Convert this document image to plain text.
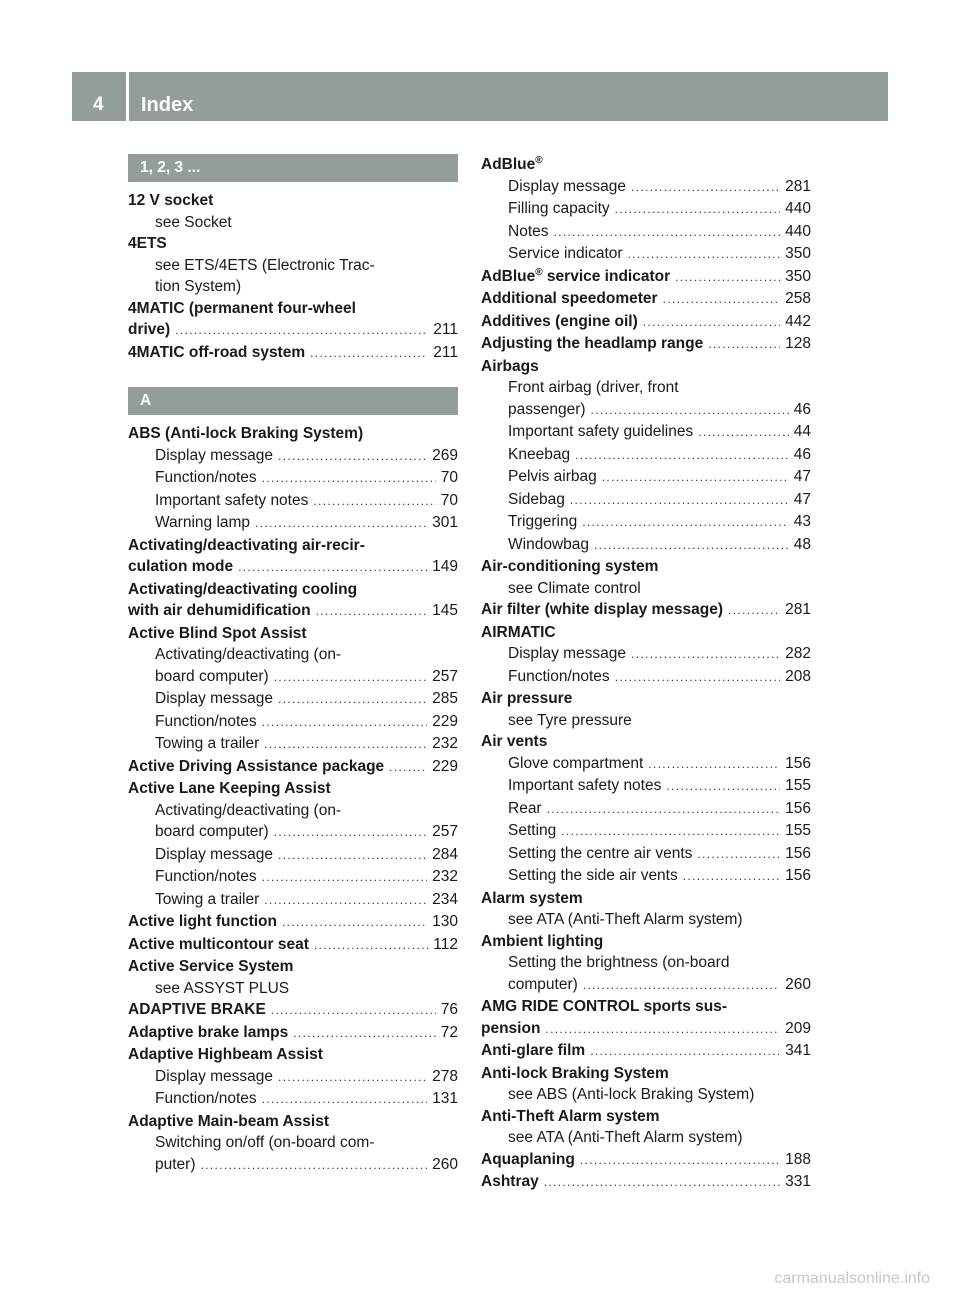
4 Index
1, 2, 3 ...
12 V socket
see Socket
4ETS
see ETS/4ETS (Electronic Trac-
tion System)
4MATIC (permanent four-wheel
drive) . . .	211
4MATIC off-road system . . .	211
A
ABS (Anti-lock Braking System)
Display message . . .	269
Function/notes . . .	70
Important safety notes . . .	70
Warning lamp . . .	301
Activating/deactivating air-recir-
culation mode . . .	149
Activating/deactivating cooling
with air dehumidification . . .	145
Active Blind Spot Assist
Activating/deactivating (on-
board computer) . . .	257
Display message . . .	285
Function/notes . . .	229
Towing a trailer . . .	232
Active Driving Assistance package . . .	229
Active Lane Keeping Assist
Activating/deactivating (on-
board computer) . . .	257
Display message . . .	284
Function/notes . . .	232
Towing a trailer . . .	234
Active light function . . .	130
Active multicontour seat . . .	112
Active Service System
see ASSYST PLUS
ADAPTIVE BRAKE . . .	76
Adaptive brake lamps . . .	72
Adaptive Highbeam Assist
Display message . . .	278
Function/notes . . .	131
Adaptive Main-beam Assist
Switching on/off (on-board com-
puter) . . .	260
AdBlue®
Display message . . .	281
Filling capacity . . .	440
Notes . . .	440
Service indicator . . .	350
AdBlue® service indicator . . .	350
Additional speedometer . . .	258
Additives (engine oil) . . .	442
Adjusting the headlamp range . . .	128
Airbags
Front airbag (driver, front
passenger) . . .	46
Important safety guidelines . . .	44
Kneebag . . .	46
Pelvis airbag . . .	47
Sidebag . . .	47
Triggering . . .	43
Windowbag . . .	48
Air-conditioning system
see Climate control
Air filter (white display message) . . .	281
AIRMATIC
Display message . . .	282
Function/notes . . .	208
Air pressure
see Tyre pressure
Air vents
Glove compartment . . .	156
Important safety notes . . .	155
Rear . . .	156
Setting . . .	155
Setting the centre air vents . . .	156
Setting the side air vents . . .	156
Alarm system
see ATA (Anti-Theft Alarm system)
Ambient lighting
Setting the brightness (on-board
computer) . . .	260
AMG RIDE CONTROL sports sus-
pension . . .	209
Anti-glare film . . .	341
Anti-lock Braking System
see ABS (Anti-lock Braking System)
Anti-Theft Alarm system
see ATA (Anti-Theft Alarm system)
Aquaplaning . . .	188
Ashtray . . .	331
carmanualsonline.info
